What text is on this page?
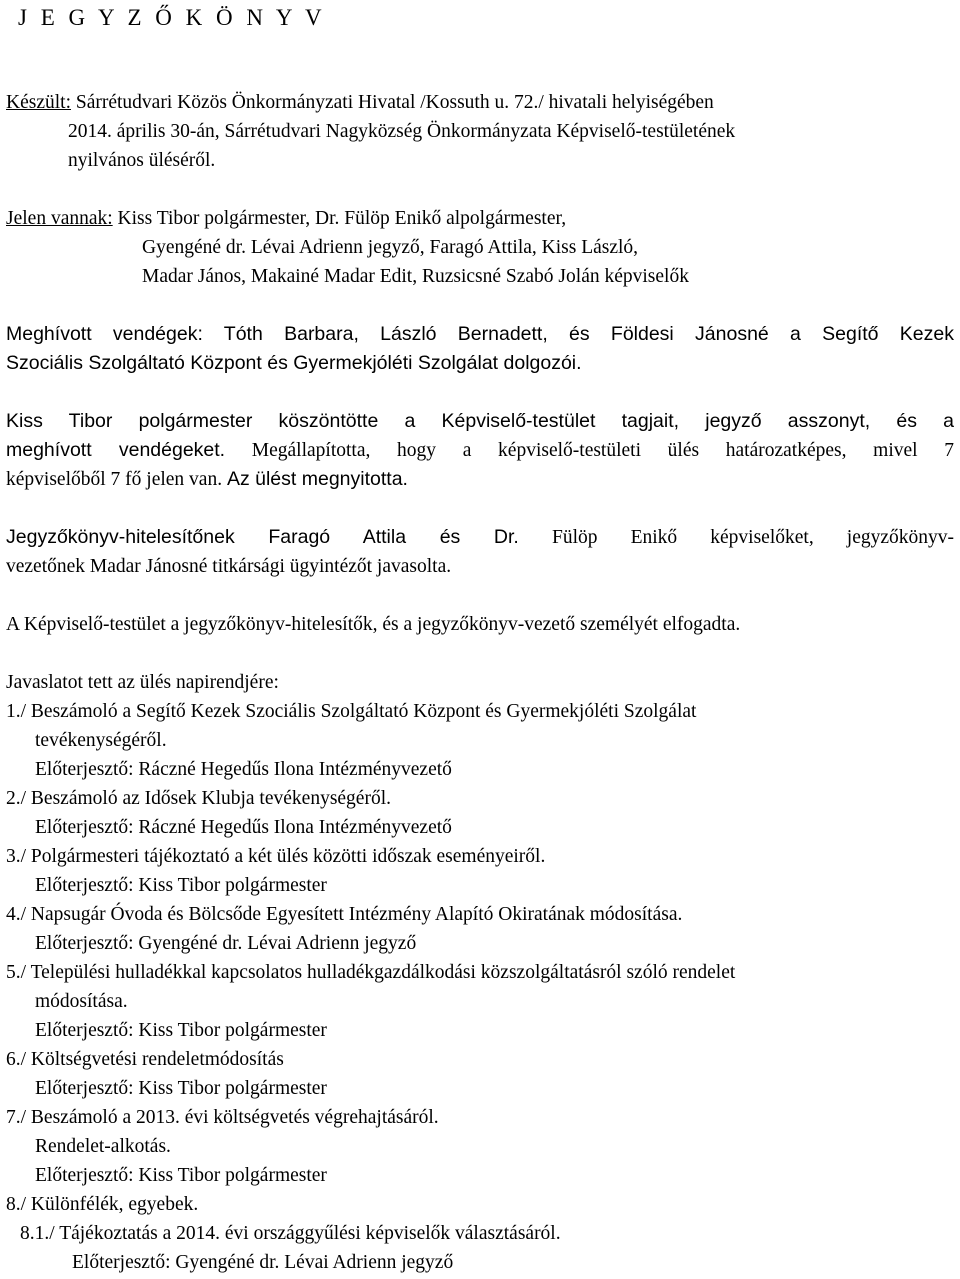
J E G Y Z Ő K Ö N Y V
Készült: Sárrétudvari Közös Önkormányzati Hivatal /Kossuth u. 72./ hivatali helyiségében
2014. április 30-án, Sárrétudvari Nagyközség Önkormányzata Képviselő-testületének
nyilvános üléséről.
Jelen vannak: Kiss Tibor polgármester, Dr. Fülöp Enikő alpolgármester,
Gyengéné dr. Lévai Adrienn jegyző, Faragó Attila, Kiss László,
Madar János, Makainé Madar Edit, Ruzsicsné Szabó Jolán képviselők
Meghívott vendégek: Tóth Barbara, László Bernadett, és Földesi Jánosné a Segítő Kezek
Szociális Szolgáltató Központ és Gyermekjóléti Szolgálat dolgozói.
Kiss Tibor polgármester köszöntötte a Képviselő-testület tagjait, jegyző asszonyt, és a
meghívott vendégeket. Megállapította, hogy a képviselő-testületi ülés határozatképes, mivel 7
képviselőből 7 fő jelen van. Az ülést megnyitotta.
Jegyzőkönyv-hitelesítőnek Faragó Attila és Dr. Fülöp Enikő képviselőket, jegyzőkönyv-
vezetőnek Madar Jánosné titkársági ügyintézőt javasolta.
A Képviselő-testület a jegyzőkönyv-hitelesítők, és a jegyzőkönyv-vezető személyét elfogadta.
Javaslatot tett az ülés napirendjére:
1./ Beszámoló a Segítő Kezek Szociális Szolgáltató Központ és Gyermekjóléti Szolgálat
tevékenységéről.
Előterjesztő: Ráczné Hegedűs Ilona Intézményvezető
2./ Beszámoló az Idősek Klubja tevékenységéről.
Előterjesztő: Ráczné Hegedűs Ilona Intézményvezető
3./ Polgármesteri tájékoztató a két ülés közötti időszak eseményeiről.
Előterjesztő: Kiss Tibor polgármester
4./ Napsugár Óvoda és Bölcsőde Egyesített Intézmény Alapító Okiratának módosítása.
Előterjesztő: Gyengéné dr. Lévai Adrienn jegyző
5./ Települési hulladékkal kapcsolatos hulladékgazdálkodási közszolgáltatásról szóló rendelet
módosítása.
Előterjesztő: Kiss Tibor polgármester
6./ Költségvetési rendeletmódosítás
Előterjesztő: Kiss Tibor polgármester
7./ Beszámoló a 2013. évi költségvetés végrehajtásáról.
Rendelet-alkotás.
Előterjesztő: Kiss Tibor polgármester
8./ Különfélék, egyebek.
8.1./ Tájékoztatás a 2014. évi országgyűlési képviselők választásáról.
Előterjesztő: Gyengéné dr. Lévai Adrienn jegyző
